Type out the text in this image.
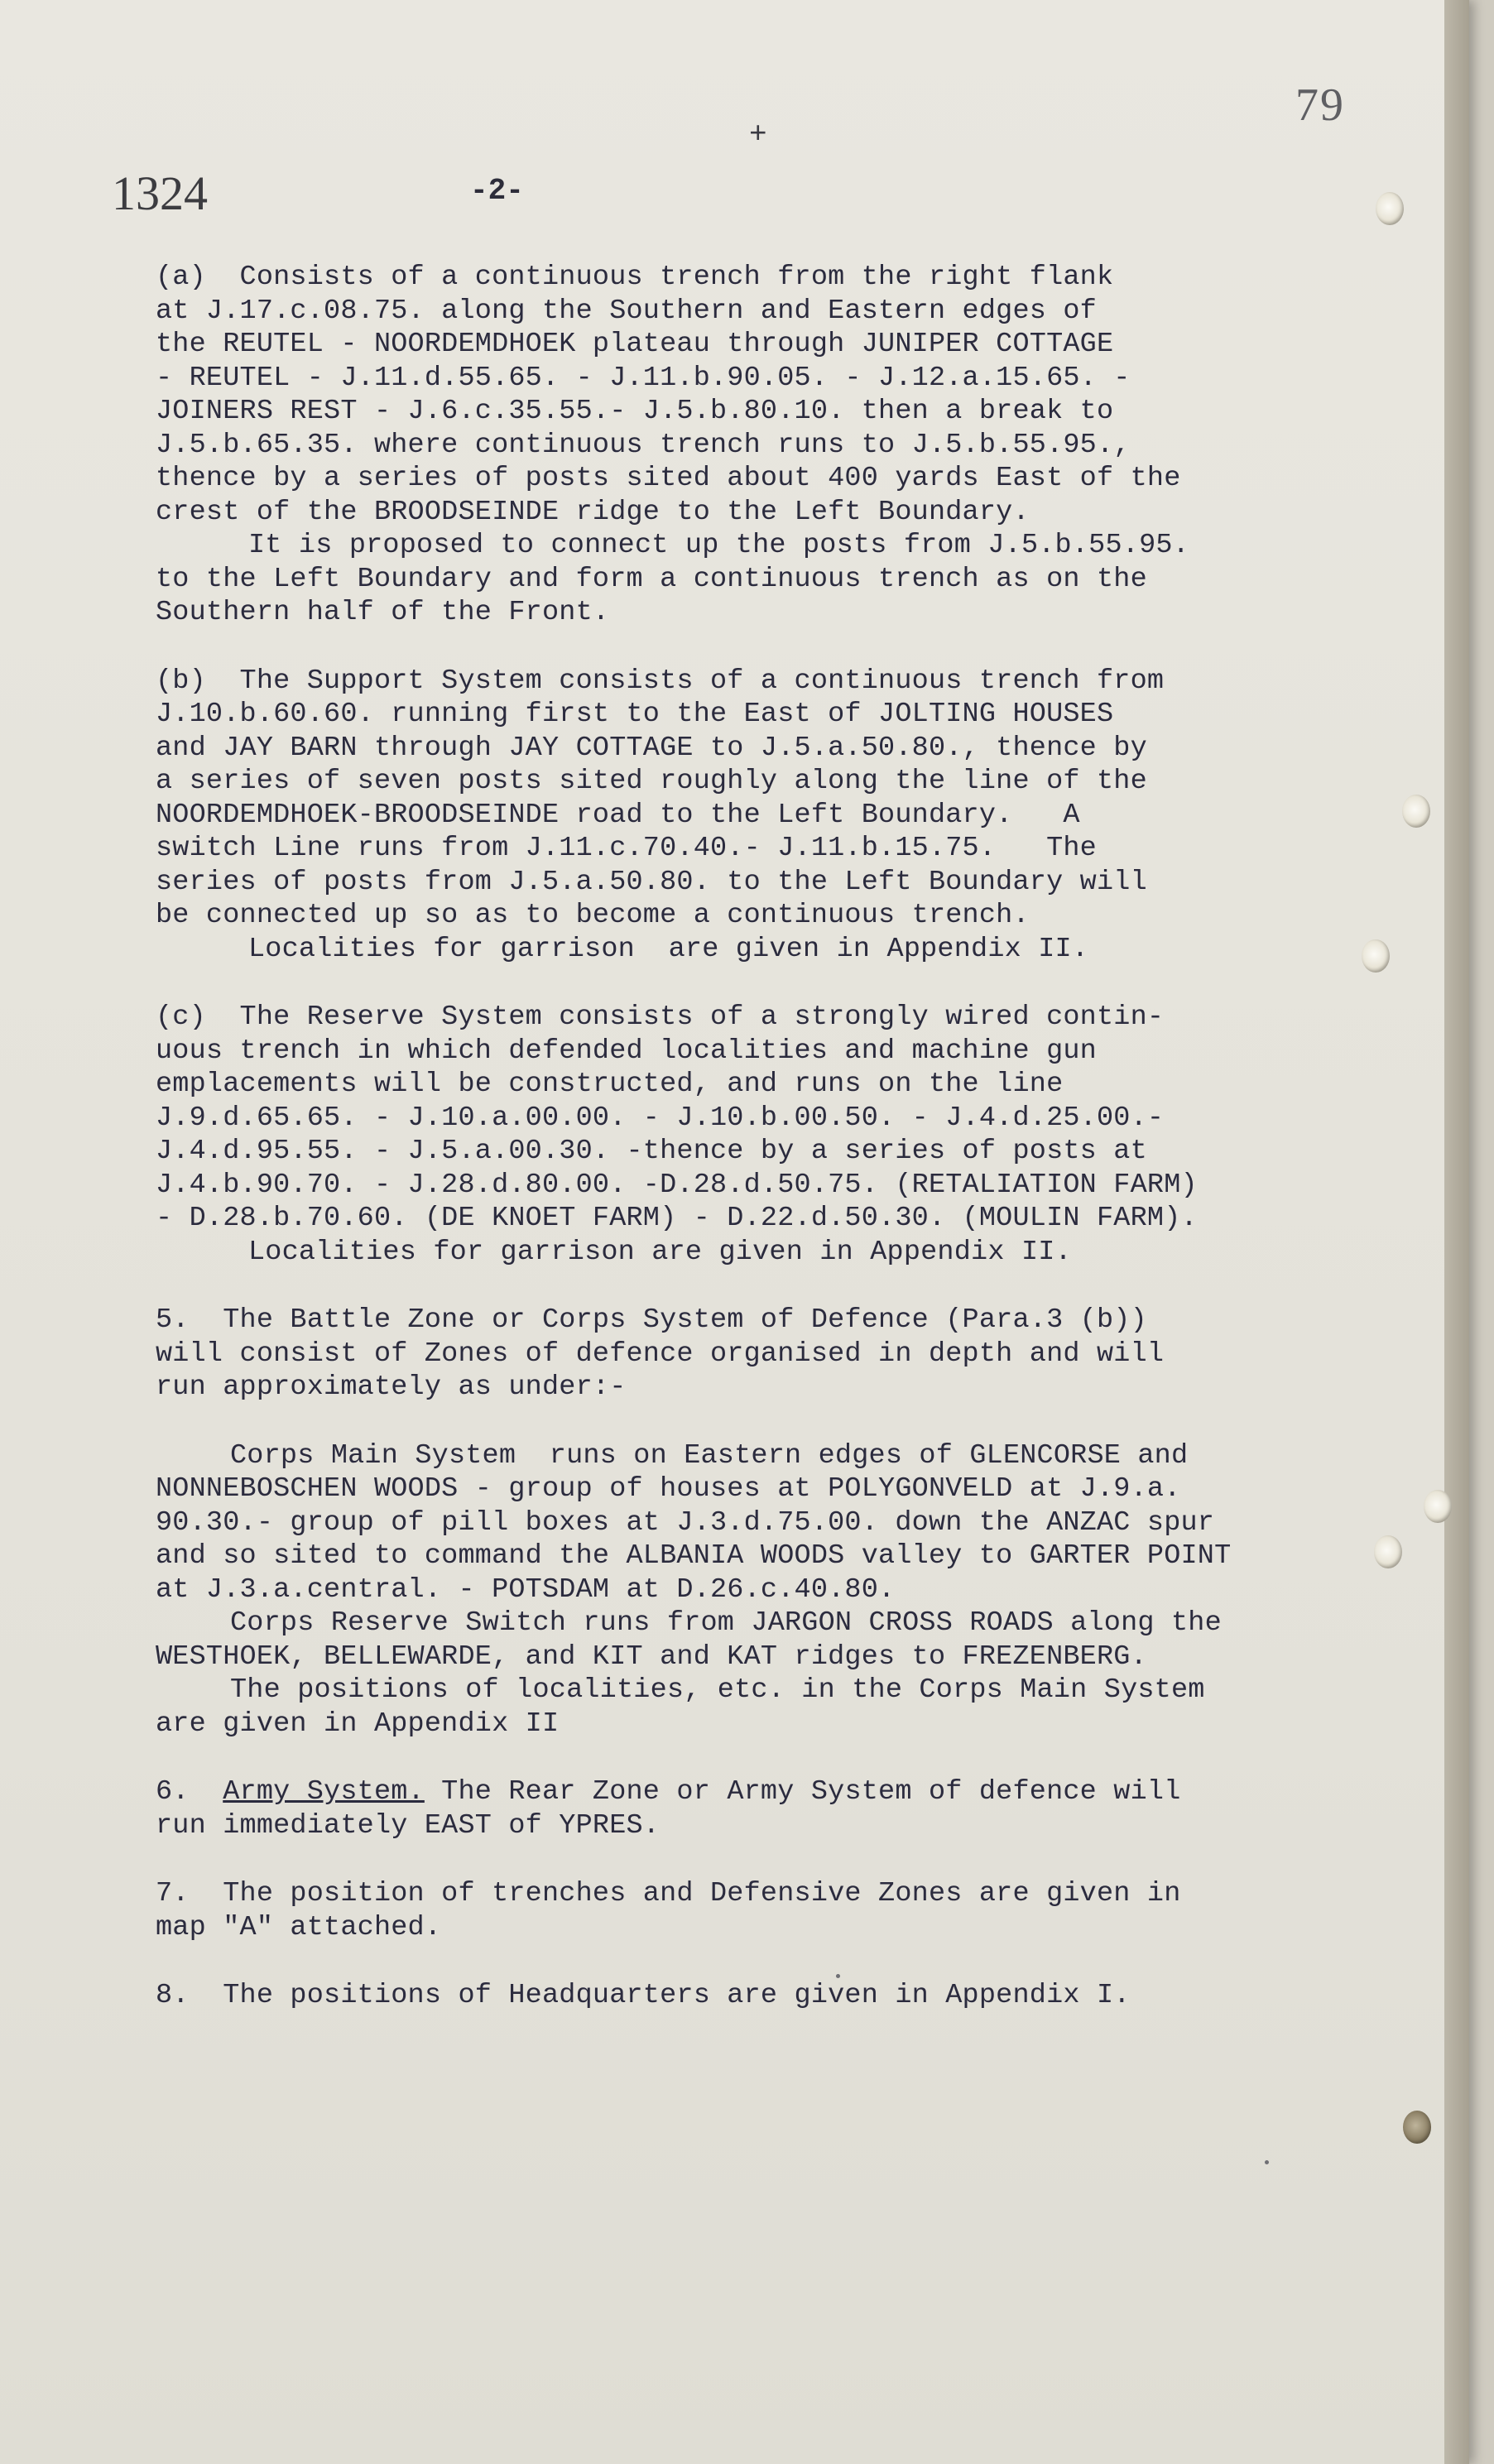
79
+
1324	-2-
(a)  Consists of a continuous trench from the right flank
at J.17.c.08.75. along the Southern and Eastern edges of
the REUTEL - NOORDEMDHOEK plateau through JUNIPER COTTAGE
- REUTEL - J.11.d.55.65. - J.11.b.90.05. - J.12.a.15.65. -
JOINERS REST - J.6.c.35.55.- J.5.b.80.10. then a break to
J.5.b.65.35. where continuous trench runs to J.5.b.55.95.,
thence by a series of posts sited about 400 yards East of the
crest of the BROODSEINDE ridge to the Left Boundary.
It is proposed to connect up the posts from J.5.b.55.95.
to the Left Boundary and form a continuous trench as on the
Southern half of the Front.
(b)  The Support System consists of a continuous trench from
J.10.b.60.60. running first to the East of JOLTING HOUSES
and JAY BARN through JAY COTTAGE to J.5.a.50.80., thence by
a series of seven posts sited roughly along the line of the
NOORDEMDHOEK-BROODSEINDE road to the Left Boundary.   A
switch Line runs from J.11.c.70.40.- J.11.b.15.75.   The
series of posts from J.5.a.50.80. to the Left Boundary will
be connected up so as to become a continuous trench.
Localities for garrison  are given in Appendix II.
(c)  The Reserve System consists of a strongly wired contin-
uous trench in which defended localities and machine gun
emplacements will be constructed, and runs on the line
J.9.d.65.65. - J.10.a.00.00. - J.10.b.00.50. - J.4.d.25.00.-
J.4.d.95.55. - J.5.a.00.30. -thence by a series of posts at
J.4.b.90.70. - J.28.d.80.00. -D.28.d.50.75. (RETALIATION FARM)
- D.28.b.70.60. (DE KNOET FARM) - D.22.d.50.30. (MOULIN FARM).
Localities for garrison are given in Appendix II.
5.  The Battle Zone or Corps System of Defence (Para.3 (b))
will consist of Zones of defence organised in depth and will
run approximately as under:-
Corps Main System  runs on Eastern edges of GLENCORSE and
NONNEBOSCHEN WOODS - group of houses at POLYGONVELD at J.9.a.
90.30.- group of pill boxes at J.3.d.75.00. down the ANZAC spur
and so sited to command the ALBANIA WOODS valley to GARTER POINT
at J.3.a.central. - POTSDAM at D.26.c.40.80.
Corps Reserve Switch runs from JARGON CROSS ROADS along the
WESTHOEK, BELLEWARDE, and KIT and KAT ridges to FREZENBERG.
The positions of localities, etc. in the Corps Main System
are given in Appendix II
6. Army System. The Rear Zone or Army System of defence will
run immediately EAST of YPRES.
7.  The position of trenches and Defensive Zones are given in
map "A" attached.
8.  The positions of Headquarters are given in Appendix I.
